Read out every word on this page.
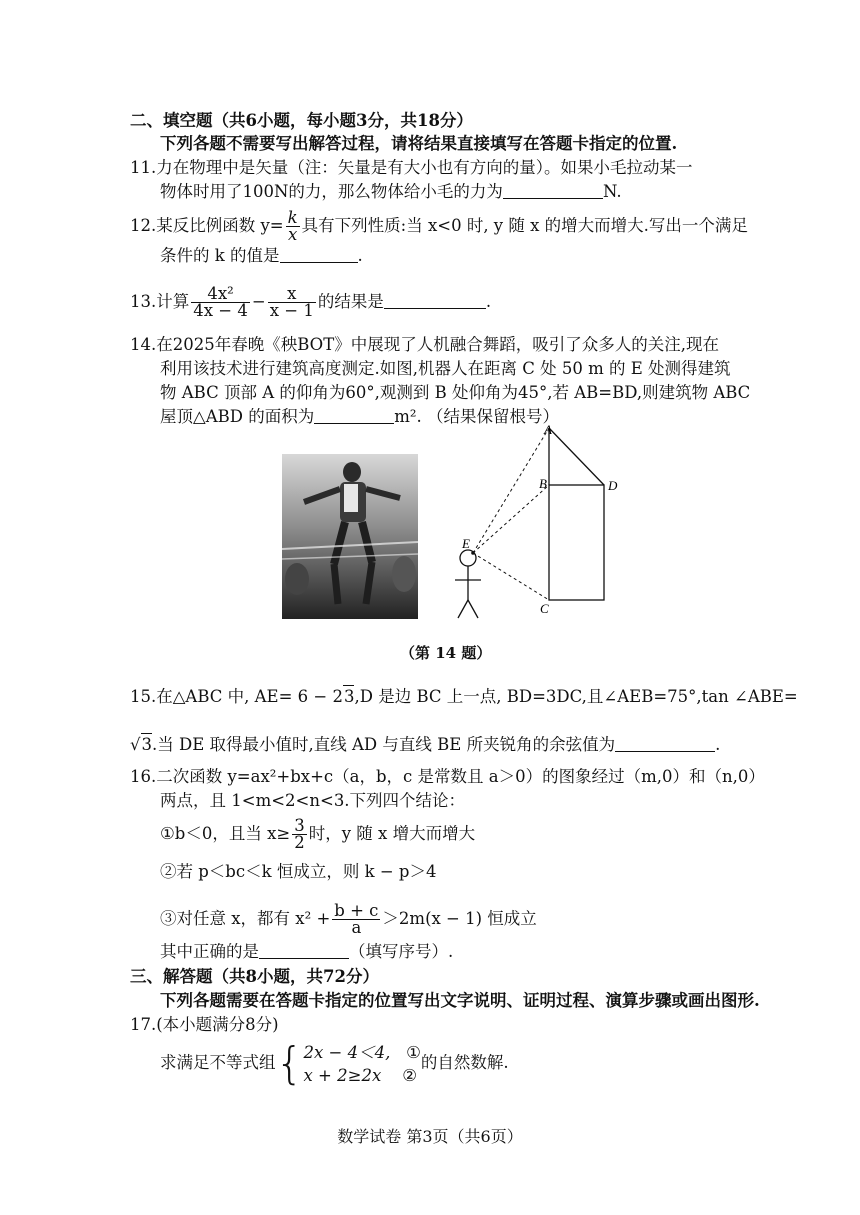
二、填空题（共6小题，每小题3分，共18分）
下列各题不需要写出解答过程，请将结果直接填写在答题卡指定的位置.
11.力在物理中是矢量（注：矢量是有大小也有方向的量）。如果小毛拉动某一
物体时用了100N的力，那么物体给小毛的力为	N.
12.某反比例函数 $y= \frac{k}{x}$ 具有下列性质:当 x<0 时, y 随 x 的增大而增大.写出一个满足
条件的 k 的值是	.
13.计算 $\frac{\text{4x²}}{4x - 4} - \frac{x}{x - 1}$ 的结果是	.
14.在2025年春晚《秧BOT》中展现了人机融合舞蹈，吸引了众多人的关注,现在
利用该技术进行建筑高度测定.如图,机器人在距离 C 处 50 m 的 E 处测得建筑
物 ABC 顶部 A 的仰角为60°,观测到 B 处仰角为45°,若 AB=BD,则建筑物 ABC
屋顶△ABD 的面积为	m². （结果保留根号）
A
B	D
C
E
（第 14 题）
15.在△ABC 中, AE= 6 − 23,D 是边 BC 上一点, BD=3DC,且∠AEB=75°,tan ∠ABE=
√3.当 DE 取得最小值时,直线 AD 与直线 BE 所夹锐角的余弦值为	.
16.二次函数 y=ax²+bx+c（a，b，c 是常数且 a＞0）的图象经过（m,0）和（n,0）
两点，且 1<m<2<n<3.下列四个结论：
①b＜0，且当 $x\ge \frac{3}{2}$ 时，y 随 x 增大而增大
②若 p＜bc＜k 恒成立，则 k − p＞4
③对任意 x，都有 $x^2 + \frac{b + c}{a} >2m(x - 1)$ 恒成立
其中正确的是	（填写序号）.
三、解答题（共8小题，共72分）
下列各题需要在答题卡指定的位置写出文字说明、证明过程、演算步骤或画出图形.
17.(本小题满分8分)
求满足不等式组{ 2x − 4＜4, ①
x + 2≥2x ②
的自然数解.
数学试卷 第3页（共6页）
